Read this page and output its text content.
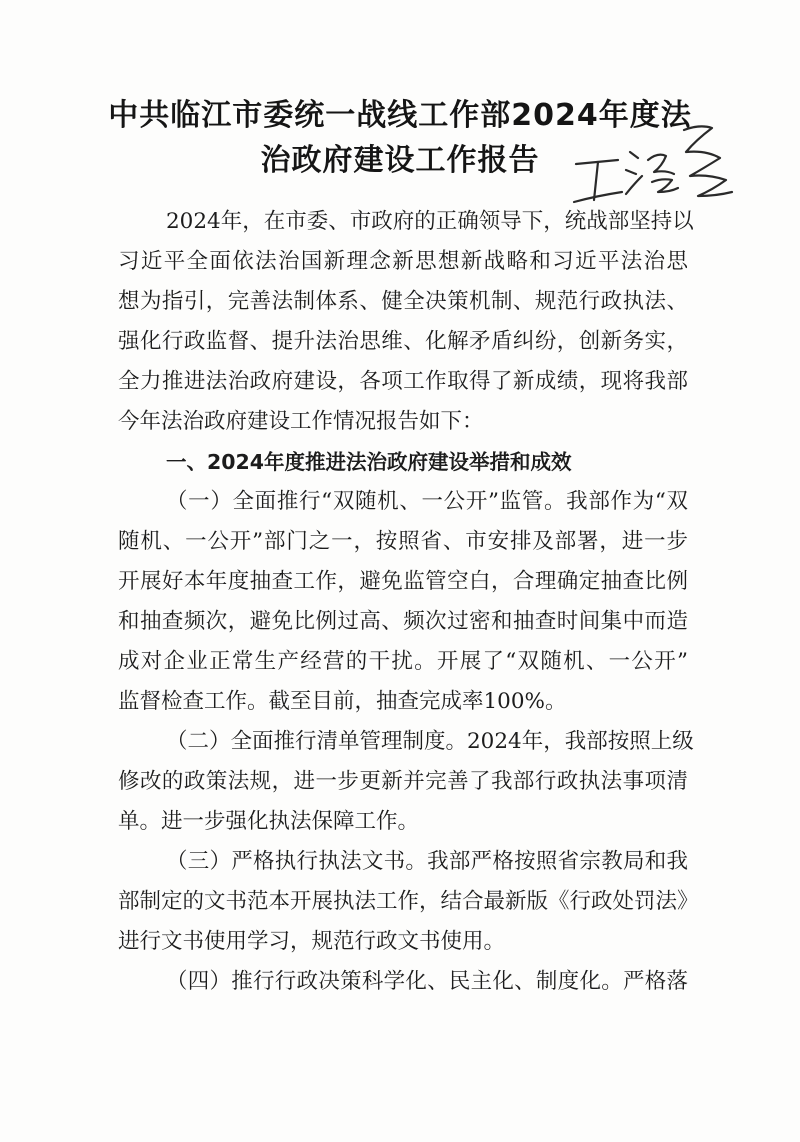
中共临江市委统一战线工作部2024年度法
治政府建设工作报告
2024年，在市委、市政府的正确领导下，统战部坚持以
习近平全面依法治国新理念新思想新战略和习近平法治思
想为指引，完善法制体系、健全决策机制、规范行政执法、
强化行政监督、提升法治思维、化解矛盾纠纷，创新务实，
全力推进法治政府建设，各项工作取得了新成绩，现将我部
今年法治政府建设工作情况报告如下：
一、2024年度推进法治政府建设举措和成效
（一）全面推行“双随机、一公开”监管。我部作为“双
随机、一公开”部门之一，按照省、市安排及部署，进一步
开展好本年度抽查工作，避免监管空白，合理确定抽查比例
和抽查频次，避免比例过高、频次过密和抽查时间集中而造
成对企业正常生产经营的干扰。开展了“双随机、一公开”
监督检查工作。截至目前，抽查完成率100%。
（二）全面推行清单管理制度。2024年，我部按照上级
修改的政策法规，进一步更新并完善了我部行政执法事项清
单。进一步强化执法保障工作。
（三）严格执行执法文书。我部严格按照省宗教局和我
部制定的文书范本开展执法工作，结合最新版《行政处罚法》
进行文书使用学习，规范行政文书使用。
（四）推行行政决策科学化、民主化、制度化。严格落
